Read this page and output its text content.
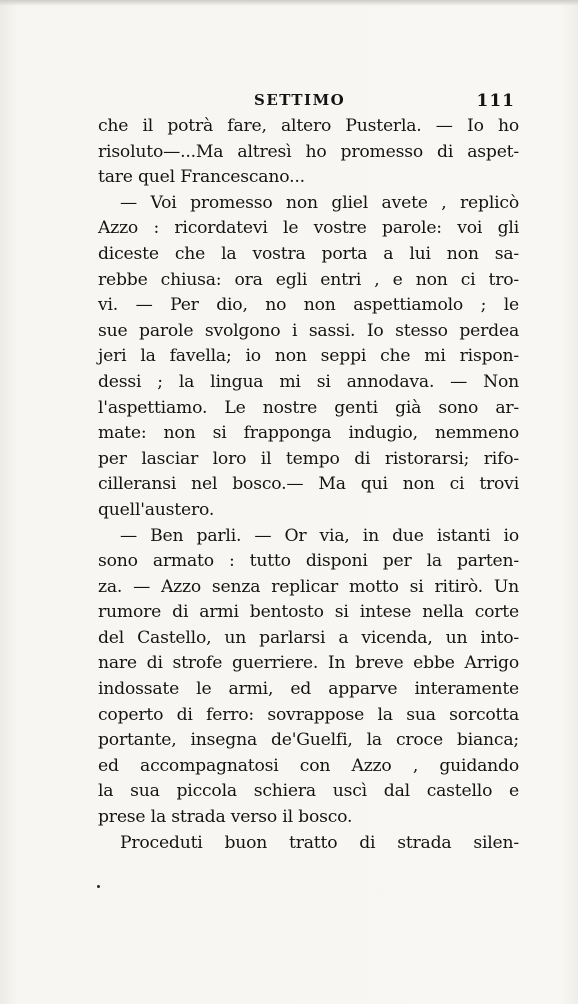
SETTIMO	111
che il potrà fare, altero Pusterla. — Io ho
risoluto—...Ma altresì ho promesso di aspet-
tare quel Francescano...
— Voi promesso non gliel avete , replicò
Azzo : ricordatevi le vostre parole: voi gli
diceste che la vostra porta a lui non sa-
rebbe chiusa: ora egli entri , e non ci tro-
vi. — Per dio, no non aspettiamolo ; le
sue parole svolgono i sassi. Io stesso perdea
jeri la favella; io non seppi che mi rispon-
dessi ; la lingua mi si annodava. — Non
l'aspettiamo. Le nostre genti già sono ar-
mate: non si frapponga indugio, nemmeno
per lasciar loro il tempo di ristorarsi; rifo-
cilleransi nel bosco.— Ma qui non ci trovi
quell'austero.
— Ben parli. — Or via, in due istanti io
sono armato : tutto disponi per la parten-
za. — Azzo senza replicar motto si ritirò. Un
rumore di armi bentosto si intese nella corte
del Castello, un parlarsi a vicenda, un into-
nare di strofe guerriere. In breve ebbe Arrigo
indossate le armi, ed apparve interamente
coperto di ferro: sovrappose la sua sorcotta
portante, insegna de'Guelfi, la croce bianca;
ed accompagnatosi con Azzo , guidando
la sua piccola schiera uscì dal castello e
prese la strada verso il bosco.
Proceduti buon tratto di strada silen-
